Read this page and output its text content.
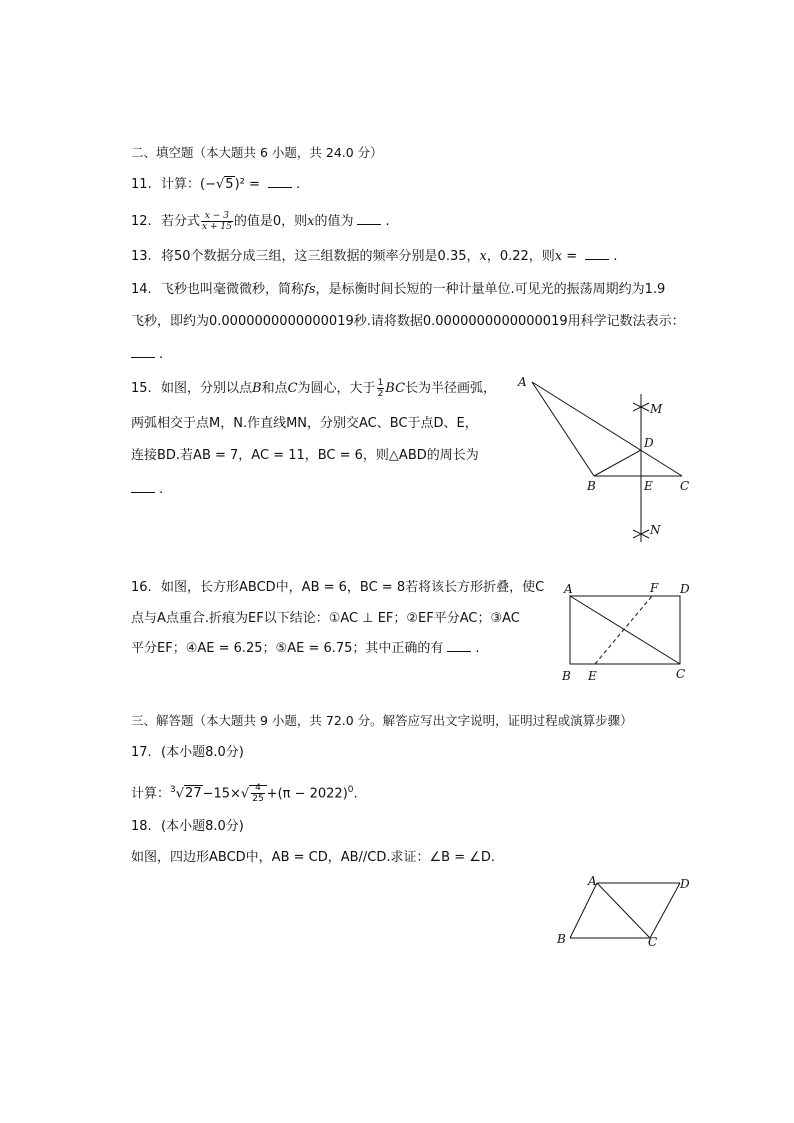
二、填空题（本大题共 6 小题，共 24.0 分）
11. 计算：(−√5)² = .
12. 若分式 $\frac{x - 3}{x + 15}$ 的值是0，则x的值为 .
13. 将50个数据分成三组，这三组数据的频率分别是0.35，x，0.22，则x = .
14. 飞秒也叫毫微微秒，简称fs，是标衡时间长短的一种计量单位.可见光的振荡周期约为1.9
飞秒，即约为0.0000000000000019秒.请将数据0.0000000000000019用科学记数法表示：
.
15. 如图，分别以点B和点C为圆心，大于 $\frac{1}{2}$ BC长为半径画弧，
两弧相交于点M，N.作直线MN，分别交AC、BC于点D、E，
连接BD.若AB = 7，AC = 11，BC = 6，则△ABD的周长为
.
A
M
D
B	E C
N
16. 如图，长方形ABCD中，AB = 6，BC = 8若将该长方形折叠，使C
点与A点重合.折痕为EF以下结论：①AC ⊥ EF；②EF平分AC；③AC
平分EF；④AE = 6.25；⑤AE = 6.75；其中正确的有 .
A	F D
B E	C
三、解答题（本大题共 9 小题，共 72.0 分。解答应写出文字说明，证明过程或演算步骤）
17. (本小题8.0分)
计算：$^3√27-15\times√ \frac{4}{25} +(\pi - 2022)^0$.
18. (本小题8.0分)
如图，四边形ABCD中，AB = CD，AB//CD.求证：∠B = ∠D.
A	D
B	C
